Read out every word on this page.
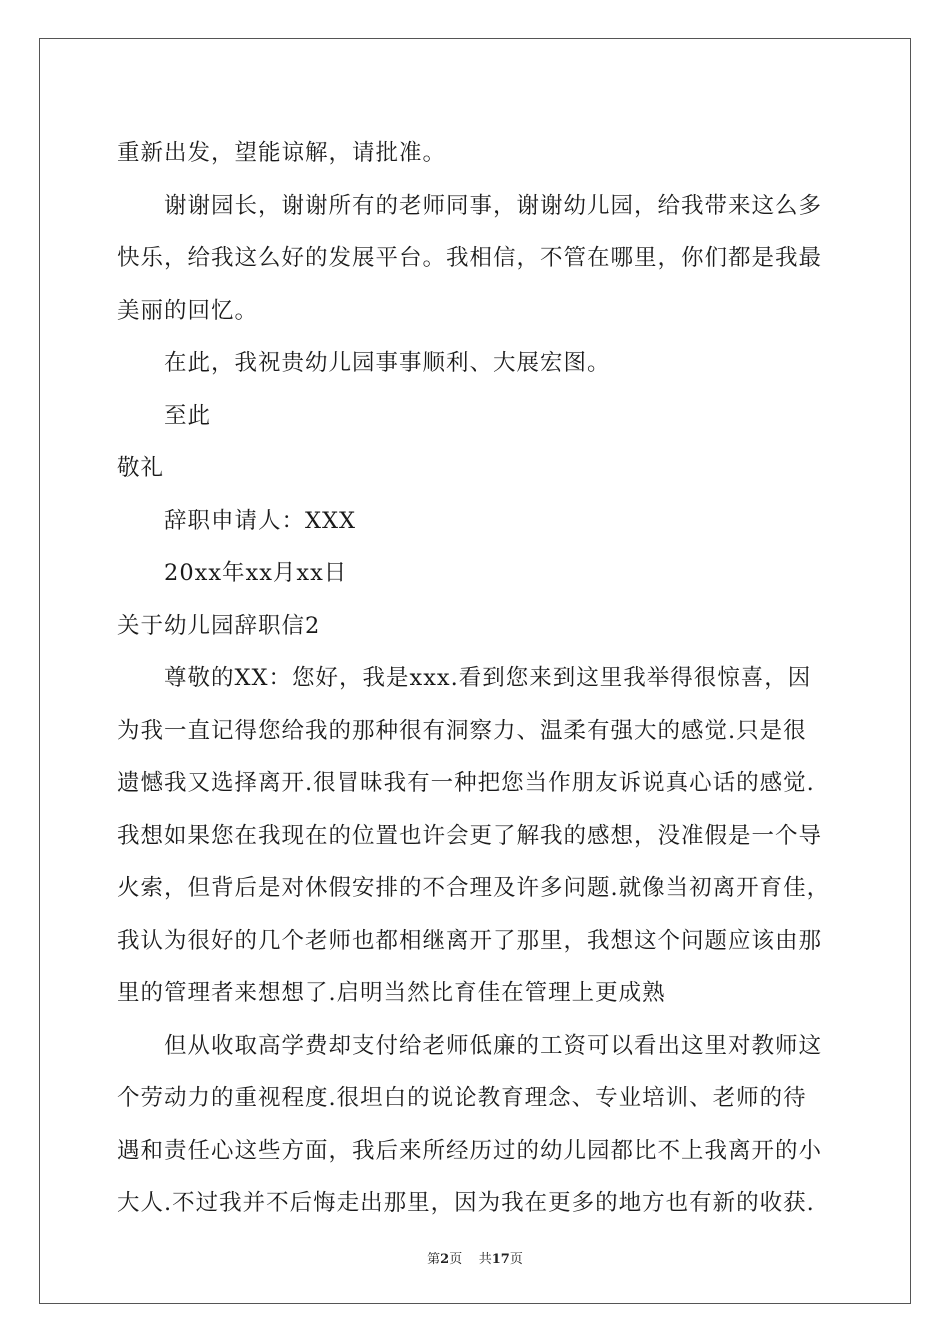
重新出发，望能谅解，请批准。
谢谢园长，谢谢所有的老师同事，谢谢幼儿园，给我带来这么多
快乐，给我这么好的发展平台。我相信，不管在哪里，你们都是我最
美丽的回忆。
在此，我祝贵幼儿园事事顺利、大展宏图。
至此
敬礼
辞职申请人：XXX
20xx年xx月xx日
关于幼儿园辞职信2
尊敬的XX：您好，我是xxx.看到您来到这里我举得很惊喜，因
为我一直记得您给我的那种很有洞察力、温柔有强大的感觉.只是很
遗憾我又选择离开.很冒昧我有一种把您当作朋友诉说真心话的感觉.
我想如果您在我现在的位置也许会更了解我的感想，没准假是一个导
火索，但背后是对休假安排的不合理及许多问题.就像当初离开育佳，
我认为很好的几个老师也都相继离开了那里，我想这个问题应该由那
里的管理者来想想了.启明当然比育佳在管理上更成熟
但从收取高学费却支付给老师低廉的工资可以看出这里对教师这
个劳动力的重视程度.很坦白的说论教育理念、专业培训、老师的待
遇和责任心这些方面，我后来所经历过的幼儿园都比不上我离开的小
大人.不过我并不后悔走出那里，因为我在更多的地方也有新的收获.
第2页 共17页
